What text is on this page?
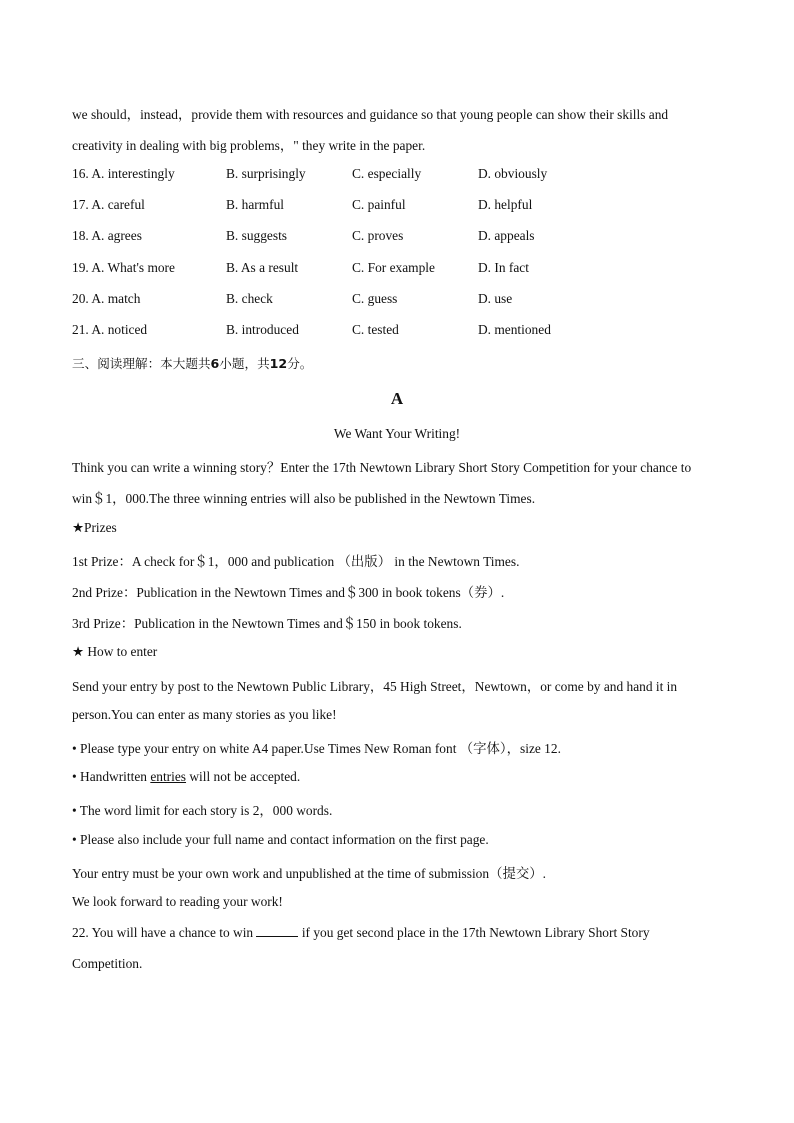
we should，instead，provide them with resources and guidance so that young people can show their skills and
creativity in dealing with big problems，" they write in the paper.
16. A. interestingly	B. surprisingly	C. especially	D. obviously
17. A. careful	B. harmful	C. painful	D. helpful
18. A. agrees	B. suggests	C. proves	D. appeals
19. A. What's more	B. As a result	C. For example	D. In fact
20. A. match	B. check	C. guess	D. use
21. A. noticed	B. introduced	C. tested	D. mentioned
三、阅读理解：本大题共6小题，共12分。
A
We Want Your Writing!
Think you can write a winning story？Enter the 17th Newtown Library Short Story Competition for your chance to
win＄1，000.The three winning entries will also be published in the Newtown Times.
★Prizes
1st Prize：A check for＄1，000 and publication （出版） in the Newtown Times.
2nd Prize：Publication in the Newtown Times and＄300 in book tokens（券）.
3rd Prize：Publication in the Newtown Times and＄150 in book tokens.
★ How to enter
Send your entry by post to the Newtown Public Library，45 High Street，Newtown，or come by and hand it in
person.You can enter as many stories as you like!
• Please type your entry on white A4 paper.Use Times New Roman font （字体），size 12.
• Handwritten entries will not be accepted.
• The word limit for each story is 2，000 words.
• Please also include your full name and contact information on the first page.
Your entry must be your own work and unpublished at the time of submission（提交）.
We look forward to reading your work!
22. You will have a chance to win	if you get second place in the 17th Newtown Library Short Story
Competition.
